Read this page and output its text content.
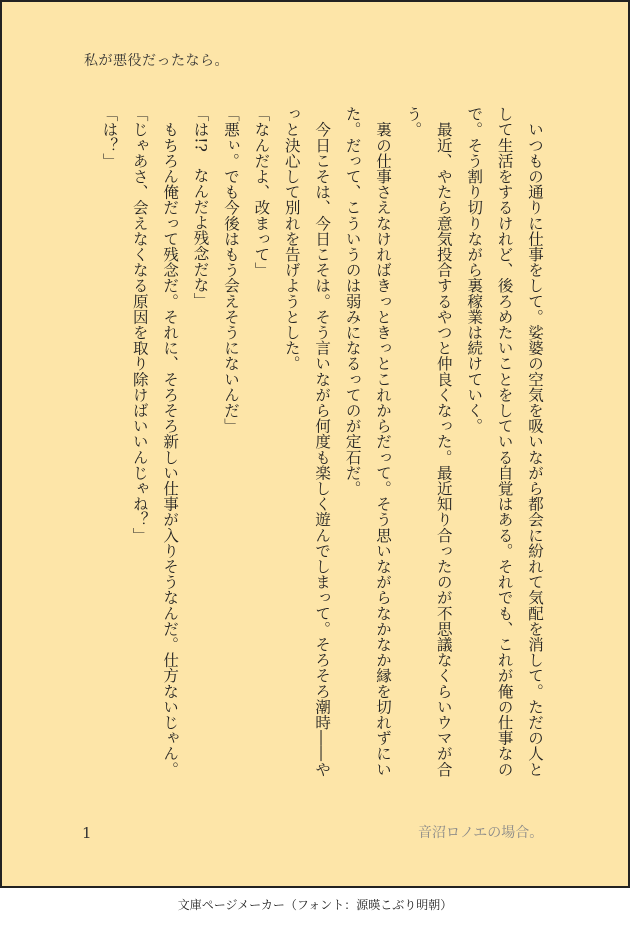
私が悪役だったなら。

　いつもの通りに仕事をして。娑婆の空気を吸いながら都会に紛れて気配を消して。ただの人として生活をするけれど、後ろめたいことをしている自覚はある。それでも、これが俺の仕事なので。そう割り切りながら裏稼業は続けていく。

　最近、やたら意気投合するやつと仲良くなった。最近知り合ったのが不思議なくらいウマが合う。

　裏の仕事さえなければきっときっとこれからだって。そう思いながらなかなか縁を切れずにいた。だって、こういうのは弱みになるってのが定石だ。

　今日こそは、今日こそは。そう言いながら何度も楽しく遊んでしまって。そろそろ潮時――やっと決心して別れを告げようとした。

「なんだよ、改まって」

「悪ぃ。でも今後はもう会えそうにないんだ」

「は!?　なんだよ残念だな」

　もちろん俺だって残念だ。それに、そろそろ新しい仕事が入りそうなんだ。仕方ないじゃん。

「じゃあさ、会えなくなる原因を取り除けばいいんじゃね？」

「は？」

1	音沼ロノエの場合。
文庫ページメーカー（フォント：源暎こぶり明朝）
